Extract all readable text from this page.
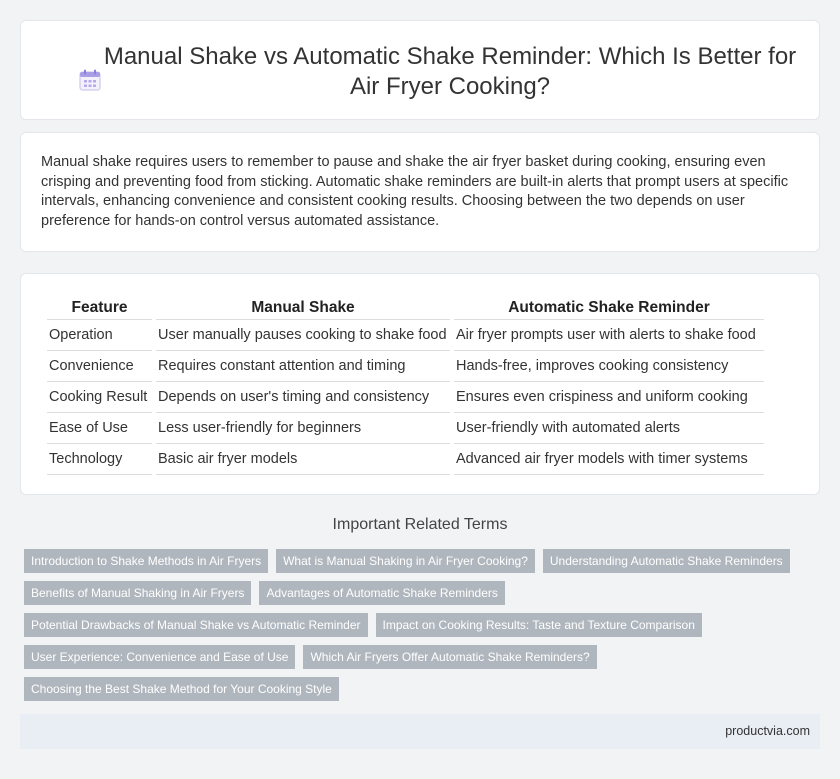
Manual Shake vs Automatic Shake Reminder: Which Is Better for Air Fryer Cooking?

Manual shake requires users to remember to pause and shake the air fryer basket during cooking, ensuring even crisping and preventing food from sticking. Automatic shake reminders are built-in alerts that prompt users at specific intervals, enhancing convenience and consistent cooking results. Choosing between the two depends on user preference for hands-on control versus automated assistance.

Feature	Manual Shake	Automatic Shake Reminder
Operation	User manually pauses cooking to shake food	Air fryer prompts user with alerts to shake food
Convenience	Requires constant attention and timing	Hands-free, improves cooking consistency
Cooking Result	Depends on user's timing and consistency	Ensures even crispiness and uniform cooking
Ease of Use	Less user-friendly for beginners	User-friendly with automated alerts
Technology	Basic air fryer models	Advanced air fryer models with timer systems
Important Related Terms
Introduction to Shake Methods in Air Fryers	What is Manual Shaking in Air Fryer Cooking?	Understanding Automatic Shake Reminders
Benefits of Manual Shaking in Air Fryers	Advantages of Automatic Shake Reminders
Potential Drawbacks of Manual Shake vs Automatic Reminder	Impact on Cooking Results: Taste and Texture Comparison
User Experience: Convenience and Ease of Use	Which Air Fryers Offer Automatic Shake Reminders?
Choosing the Best Shake Method for Your Cooking Style
productvia.com
